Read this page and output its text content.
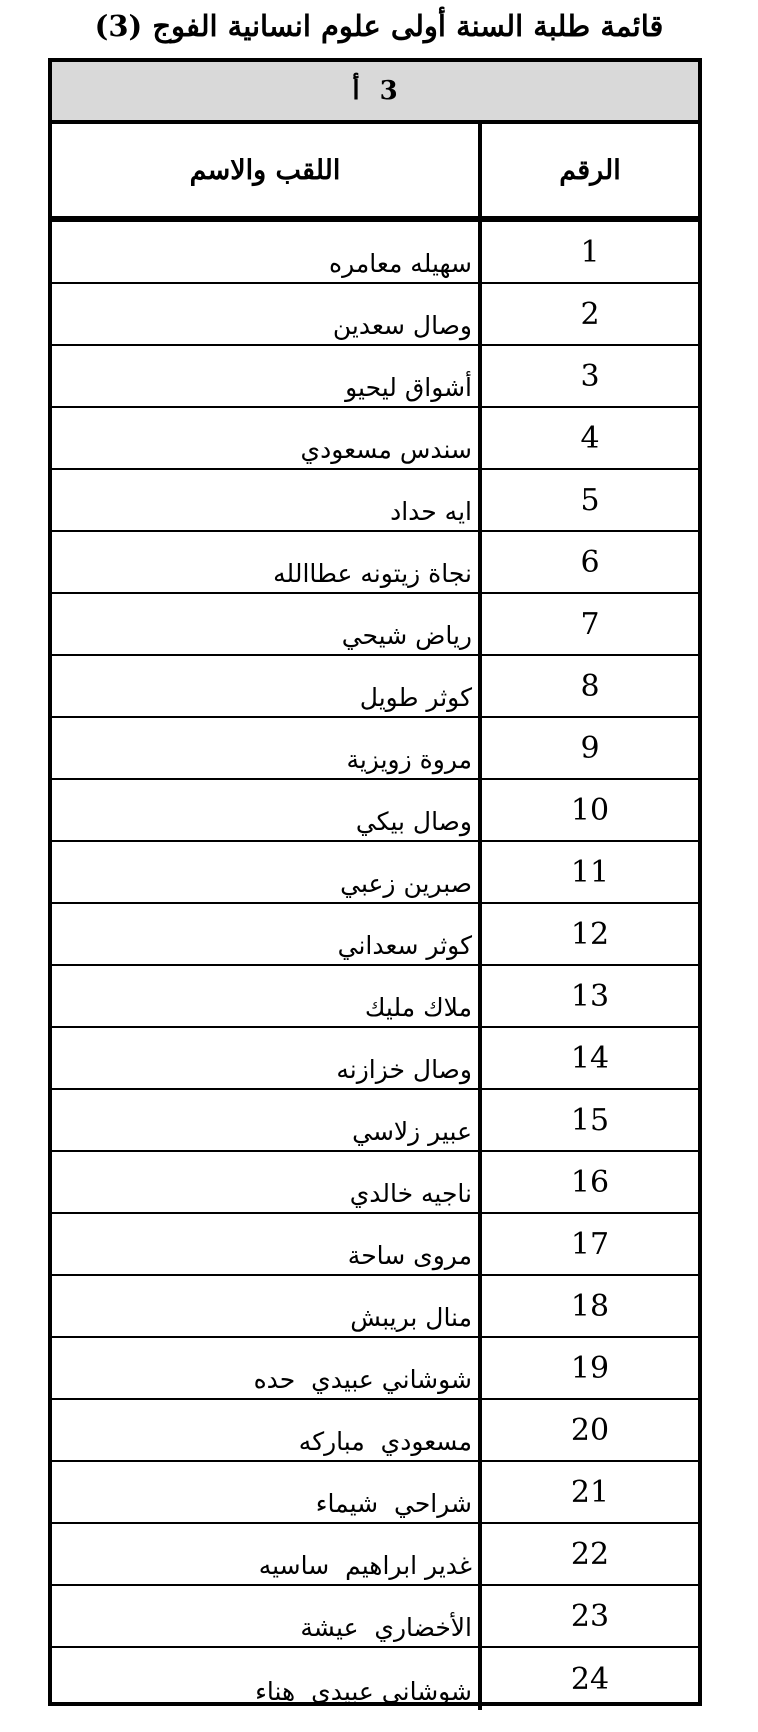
قائمة طلبة السنة أولى علوم انسانية الفوج (3)
3
أ
الرقم
اللقب والاسم
1
سهيله معامره
2
وصال سعدين
3
أشواق ليحيو
4
سندس مسعودي
5
ايه حداد
6
نجاة زيتونه عطاالله
7
رياض شيحي
8
كوثر طويل
9
مروة زويزية
10
وصال بيكي
11
صبرين زعبي
12
كوثر سعداني
13
ملاك مليك
14
وصال خزازنه
15
عبير زلاسي
16
ناجيه خالدي
17
مروى ساحة
18
منال بريبش
19
شوشاني عبيدي  حده
20
مسعودي  مباركه
21
شراحي  شيماء
22
غدير ابراهيم  ساسيه
23
الأخضاري  عيشة
24
شوشاني عبيدي  هناء
